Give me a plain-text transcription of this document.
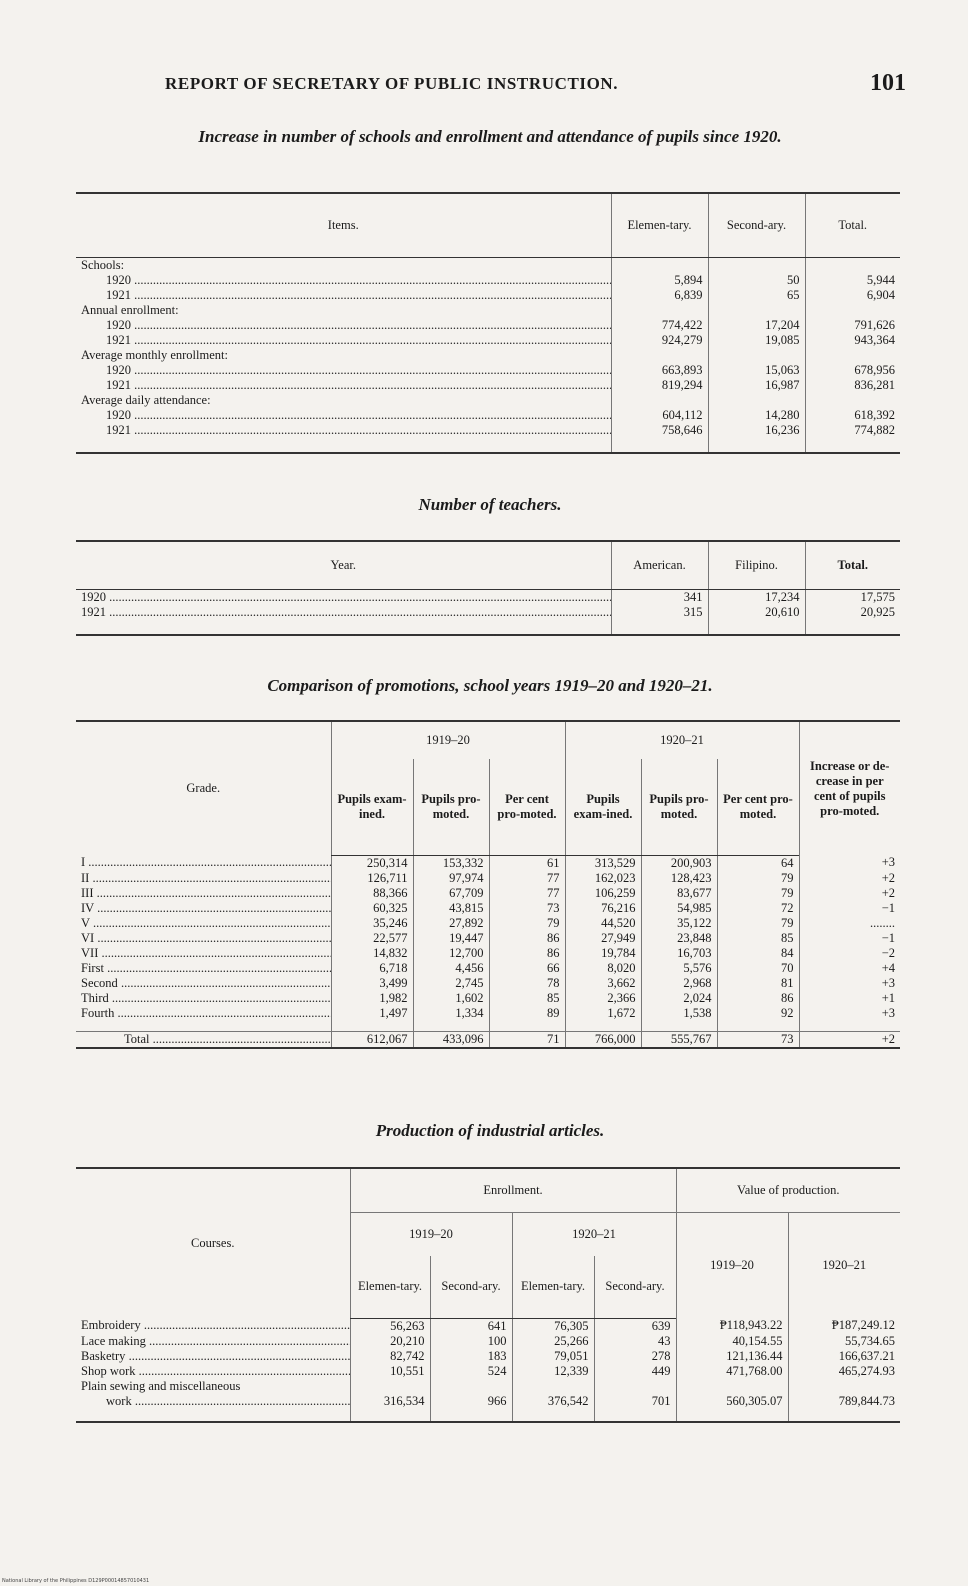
REPORT OF SECRETARY OF PUBLIC INSTRUCTION.	101
Increase in number of schools and enrollment and attendance of pupils since 1920.
Items.	Elemen-tary.	Second-ary.	Total.
Schools:			
1920 .....	5,894	50	5,944
1921 .....	6,839	65	6,904
Annual enrollment:			
1920 .....	774,422	17,204	791,626
1921 .....	924,279	19,085	943,364
Average monthly enrollment:			
1920 .....	663,893	15,063	678,956
1921 .....	819,294	16,987	836,281
Average daily attendance:			
1920 .....	604,112	14,280	618,392
1921 .....	758,646	16,236	774,882
Number of teachers.
Year.	American.	Filipino.	Total.
1920 .....	341	17,234	17,575
1921 .....	315	20,610	20,925
Comparison of promotions, school years 1919–20 and 1920–21.
Grade.	1919–20			1920–21			Increase or de-crease in per cent of pupils pro-moted.
	Pupils exam-ined.	Pupils pro-moted.	Per cent pro-moted.	Pupils exam-ined.	Pupils pro-moted.	Per cent pro-moted.	
I .....	250,314	153,332	61	313,529	200,903	64	+3
II .....	126,711	97,974	77	162,023	128,423	79	+2
III .....	88,366	67,709	77	106,259	83,677	79	+2
IV .....	60,325	43,815	73	76,216	54,985	72	−1
V .....	35,246	27,892	79	44,520	35,122	79	........
VI .....	22,577	19,447	86	27,949	23,848	85	−1
VII .....	14,832	12,700	86	19,784	16,703	84	−2
First .....	6,718	4,456	66	8,020	5,576	70	+4
Second .....	3,499	2,745	78	3,662	2,968	81	+3
Third .....	1,982	1,602	85	2,366	2,024	86	+1
Fourth .....	1,497	1,334	89	1,672	1,538	92	+3
Total .....	612,067	433,096	71	766,000	555,767	73	+2
Production of industrial articles.
Courses.	Enrollment.				Value of production.	
	1919–20		1920–21		1919–20	1920–21
	Elemen-tary.	Second-ary.	Elemen-tary.	Second-ary.		
Embroidery .....	56,263	641	76,305	639	₱118,943.22	₱187,249.12
Lace making .....	20,210	100	25,266	43	40,154.55	55,734.65
Basketry .....	82,742	183	79,051	278	121,136.44	166,637.21
Shop work .....	10,551	524	12,339	449	471,768.00	465,274.93
Plain sewing and miscellaneous						
work .....	316,534	966	376,542	701	560,305.07	789,844.73
National Library of the Philippines D129P00014857010431
